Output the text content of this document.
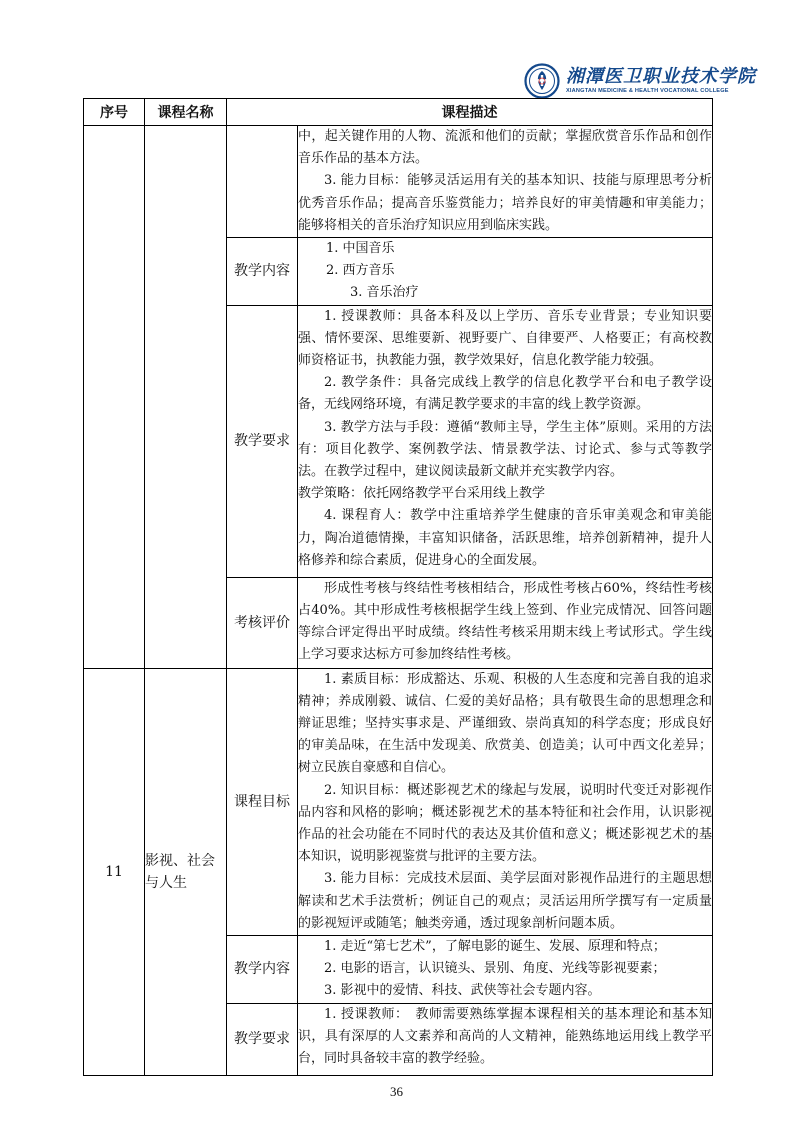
湘潭医卫职业技术学院
XIANGTAN MEDICINE & HEALTH VOCATIONAL COLLEGE
序号	课程名称	课程描述	

			中，起关键作用的人物、流派和他们的贡献；掌握欣赏音乐作品和创作音乐作品的基本方法。

3. 能力目标：能够灵活运用有关的基本知识、技能与原理思考分析优秀音乐作品；提高音乐鉴赏能力；培养良好的审美情趣和审美能力；能够将相关的音乐治疗知识应用到临床实践。

		教学内容	1. 中国音乐

2. 西方音乐

3. 音乐治疗

		教学要求	1. 授课教师：具备本科及以上学历、音乐专业背景；专业知识要强、情怀要深、思维要新、视野要广、自律要严、人格要正；有高校教师资格证书，执教能力强，教学效果好，信息化教学能力较强。

2. 教学条件：具备完成线上教学的信息化教学平台和电子教学设备，无线网络环境，有满足教学要求的丰富的线上教学资源。

3. 教学方法与手段：遵循“教师主导，学生主体”原则。采用的方法有：项目化教学、案例教学法、情景教学法、讨论式、参与式等教学法。在教学过程中，建议阅读最新文献并充实教学内容。

教学策略：依托网络教学平台采用线上教学

4. 课程育人：教学中注重培养学生健康的音乐审美观念和审美能力，陶冶道德情操，丰富知识储备，活跃思维，培养创新精神，提升人格修养和综合素质，促进身心的全面发展。

		考核评价	形成性考核与终结性考核相结合，形成性考核占60%，终结性考核占40%。其中形成性考核根据学生线上签到、作业完成情况、回答问题等综合评定得出平时成绩。终结性考核采用期末线上考试形式。学生线上学习要求达标方可参加终结性考核。

11	影视、社会与人生	课程目标	1. 素质目标：形成豁达、乐观、积极的人生态度和完善自我的追求精神；养成刚毅、诚信、仁爱的美好品格；具有敬畏生命的思想理念和辩证思维；坚持实事求是、严谨细致、崇尚真知的科学态度；形成良好的审美品味，在生活中发现美、欣赏美、创造美；认可中西文化差异；树立民族自豪感和自信心。

2. 知识目标：概述影视艺术的缘起与发展，说明时代变迁对影视作品内容和风格的影响；概述影视艺术的基本特征和社会作用，认识影视作品的社会功能在不同时代的表达及其价值和意义；概述影视艺术的基本知识，说明影视鉴赏与批评的主要方法。

3. 能力目标：完成技术层面、美学层面对影视作品进行的主题思想解读和艺术手法赏析；例证自己的观点；灵活运用所学撰写有一定质量的影视短评或随笔；触类旁通，透过现象剖析问题本质。

		教学内容	1. 走近“第七艺术”，了解电影的诞生、发展、原理和特点；

2. 电影的语言，认识镜头、景别、角度、光线等影视要素；

3. 影视中的爱情、科技、武侠等社会专题内容。

		教学要求	1. 授课教师：　教师需要熟练掌握本课程相关的基本理论和基本知识，具有深厚的人文素养和高尚的人文精神，能熟练地运用线上教学平台，同时具备较丰富的教学经验。

36
